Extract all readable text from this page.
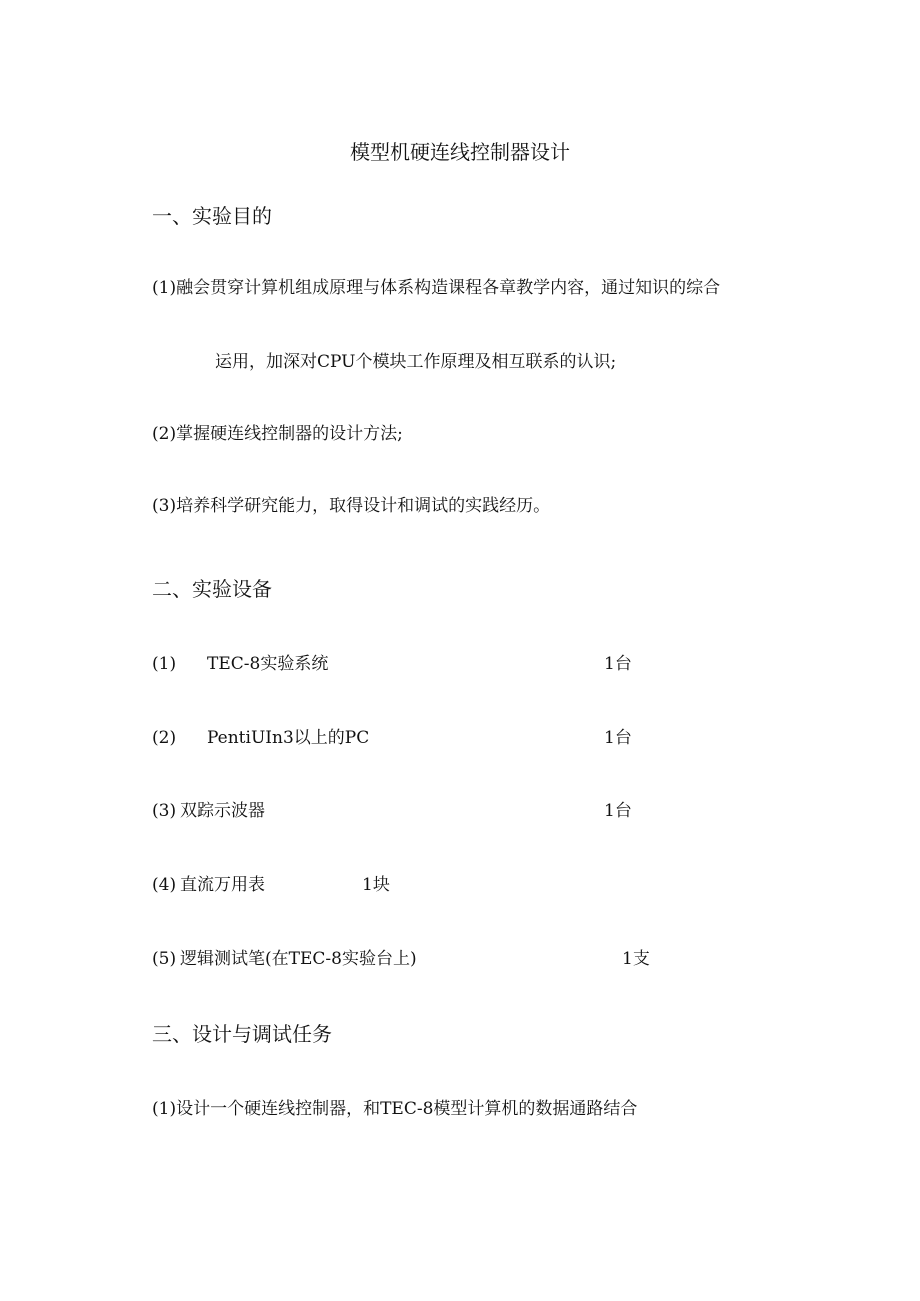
模型机硬连线控制器设计
一、实验目的
(1)融会贯穿计算机组成原理与体系构造课程各章教学内容，通过知识的综合
运用，加深对CPU个模块工作原理及相互联系的认识;
(2)掌握硬连线控制器的设计方法;
(3)培养科学研究能力，取得设计和调试的实践经历。
二、实验设备
(1) TEC-8实验系统	1台
(2) PentiUIn3以上的PC	1台
(3) 双踪示波器	1台
(4) 直流万用表	1块
(5) 逻辑测试笔(在TEC-8实验台上)	1支
三、设计与调试任务
(1)设计一个硬连线控制器，和TEC-8模型计算机的数据通路结合
